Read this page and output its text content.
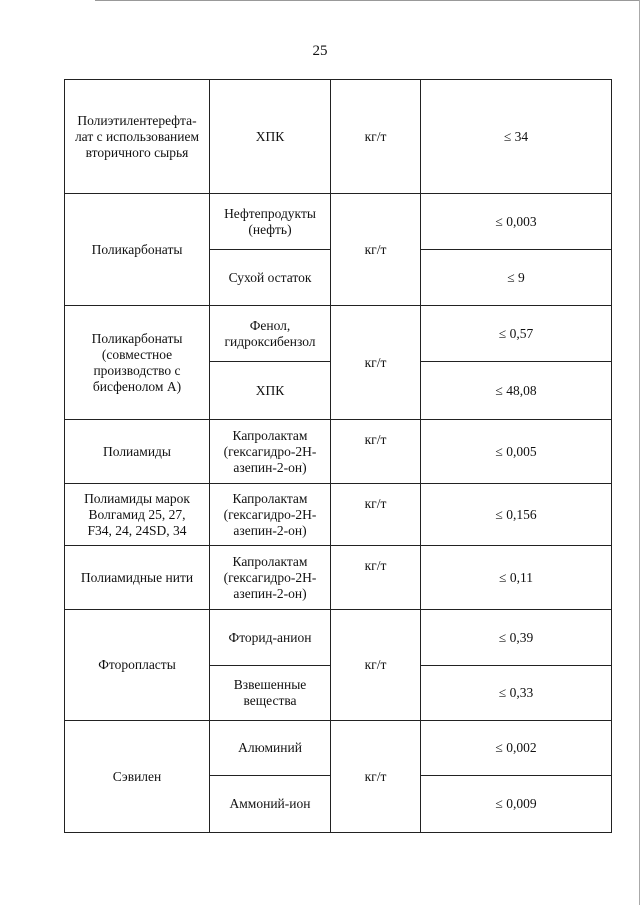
25
Полиэтилентерефта-
лат с использованием
вторичного сырья	ХПК	кг/т	≤ 34

Поликарбонаты	Нефтепродукты
(нефть)	кг/т	≤ 0,003

	Сухой остаток		≤ 9

Поликарбонаты
(совместное
производство с
бисфенолом А)	Фенол,
гидроксибензол	кг/т	≤ 0,57

	ХПК		≤ 48,08

Полиамиды	Капролактам
(гексагидро-2Н-
азепин-2-он)	кг/т	≤ 0,005

Полиамиды марок
Волгамид 25, 27,
F34, 24, 24SD, 34	Капролактам
(гексагидро-2Н-
азепин-2-он)	кг/т	≤ 0,156

Полиамидные нити	Капролактам
(гексагидро-2Н-
азепин-2-он)	кг/т	≤ 0,11

Фторопласты	Фторид-анион	кг/т	≤ 0,39

	Взвешенные
вещества		≤ 0,33

Сэвилен	Алюминий	кг/т	≤ 0,002

	Аммоний-ион		≤ 0,009
